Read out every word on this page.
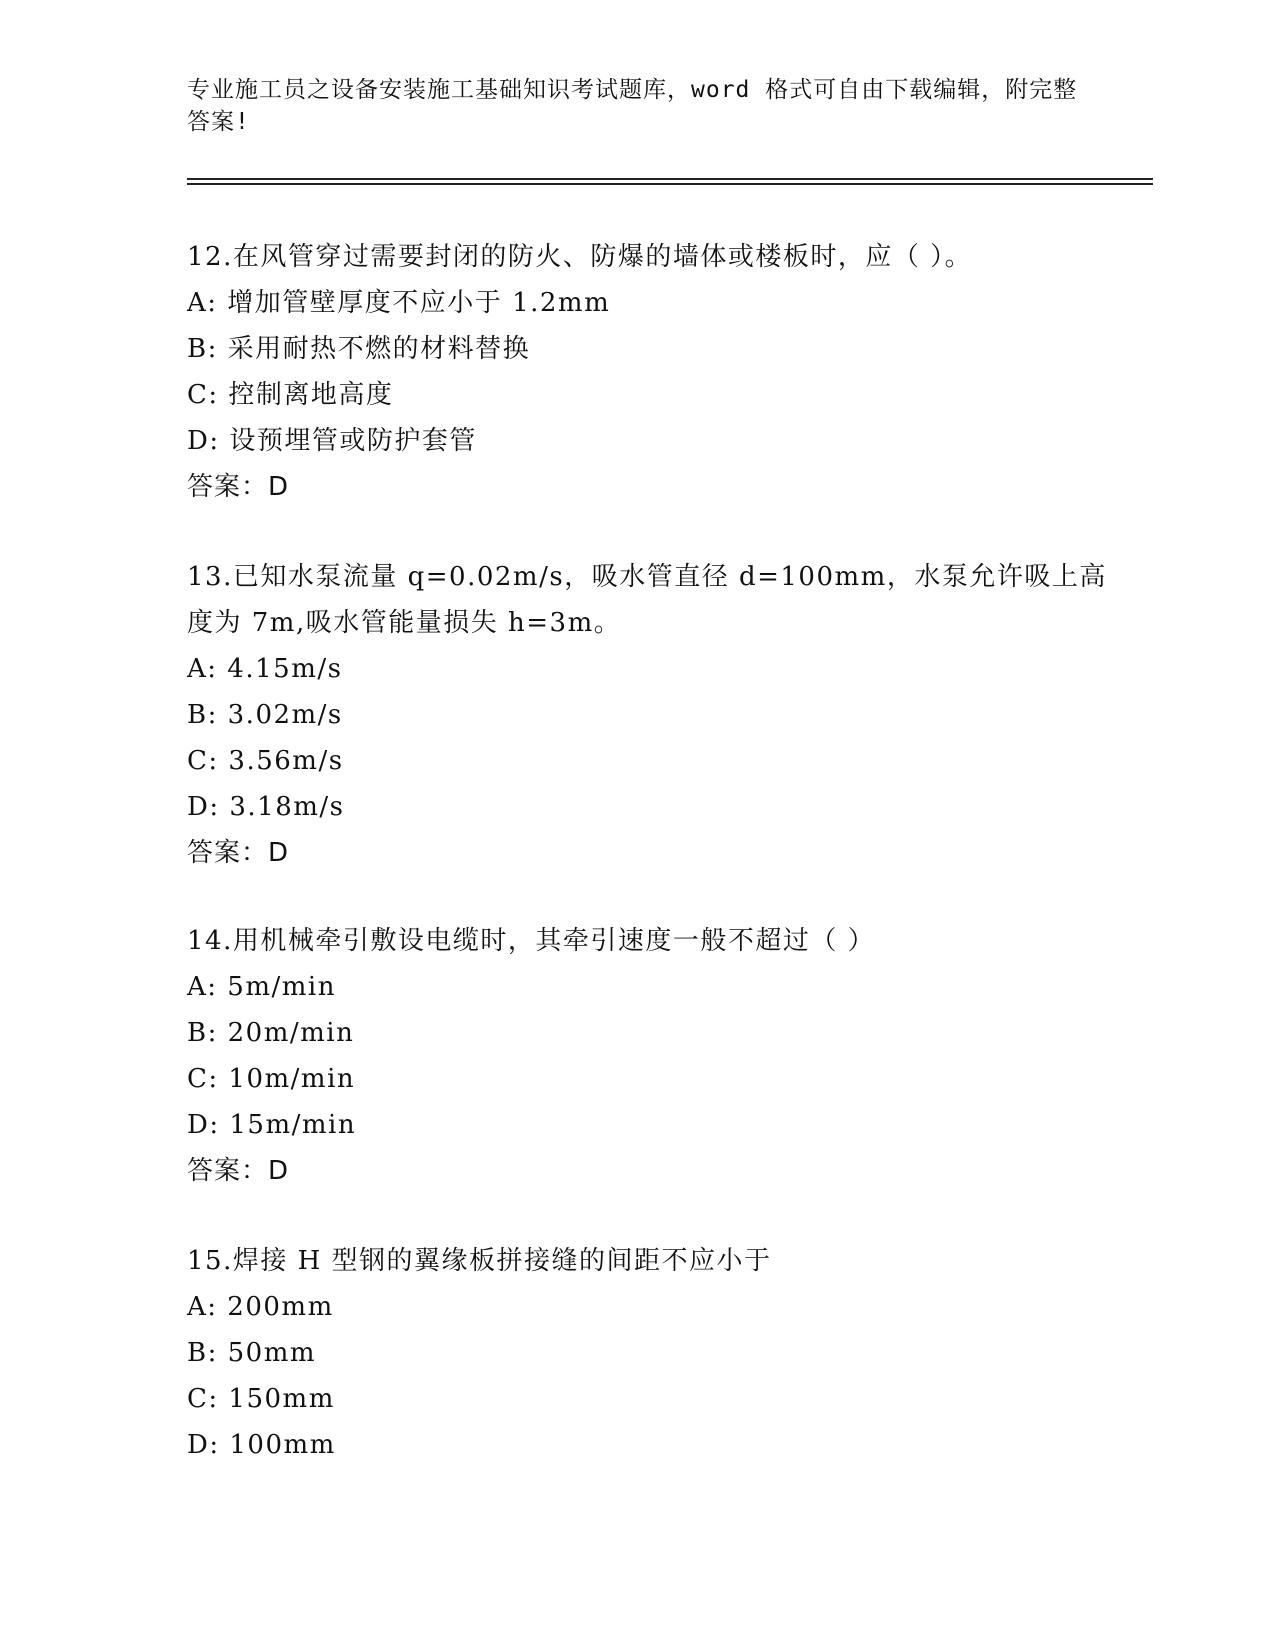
专业施工员之设备安装施工基础知识考试题库，word 格式可自由下载编辑，附完整答案!

12.在风管穿过需要封闭的防火、防爆的墙体或楼板时，应（ ）。

A: 增加管壁厚度不应小于 1.2mm

B: 采用耐热不燃的材料替换

C: 控制离地高度

D: 设预埋管或防护套管

答案：D

13.已知水泵流量 q=0.02m/s，吸水管直径 d=100mm，水泵允许吸上高度为 7m,吸水管能量损失 h=3m。

A: 4.15m/s

B: 3.02m/s

C: 3.56m/s

D: 3.18m/s

答案：D

14.用机械牵引敷设电缆时，其牵引速度一般不超过（ ）

A: 5m/min

B: 20m/min

C: 10m/min

D: 15m/min

答案：D

15.焊接 H 型钢的翼缘板拼接缝的间距不应小于

A: 200mm

B: 50mm

C: 150mm

D: 100mm
